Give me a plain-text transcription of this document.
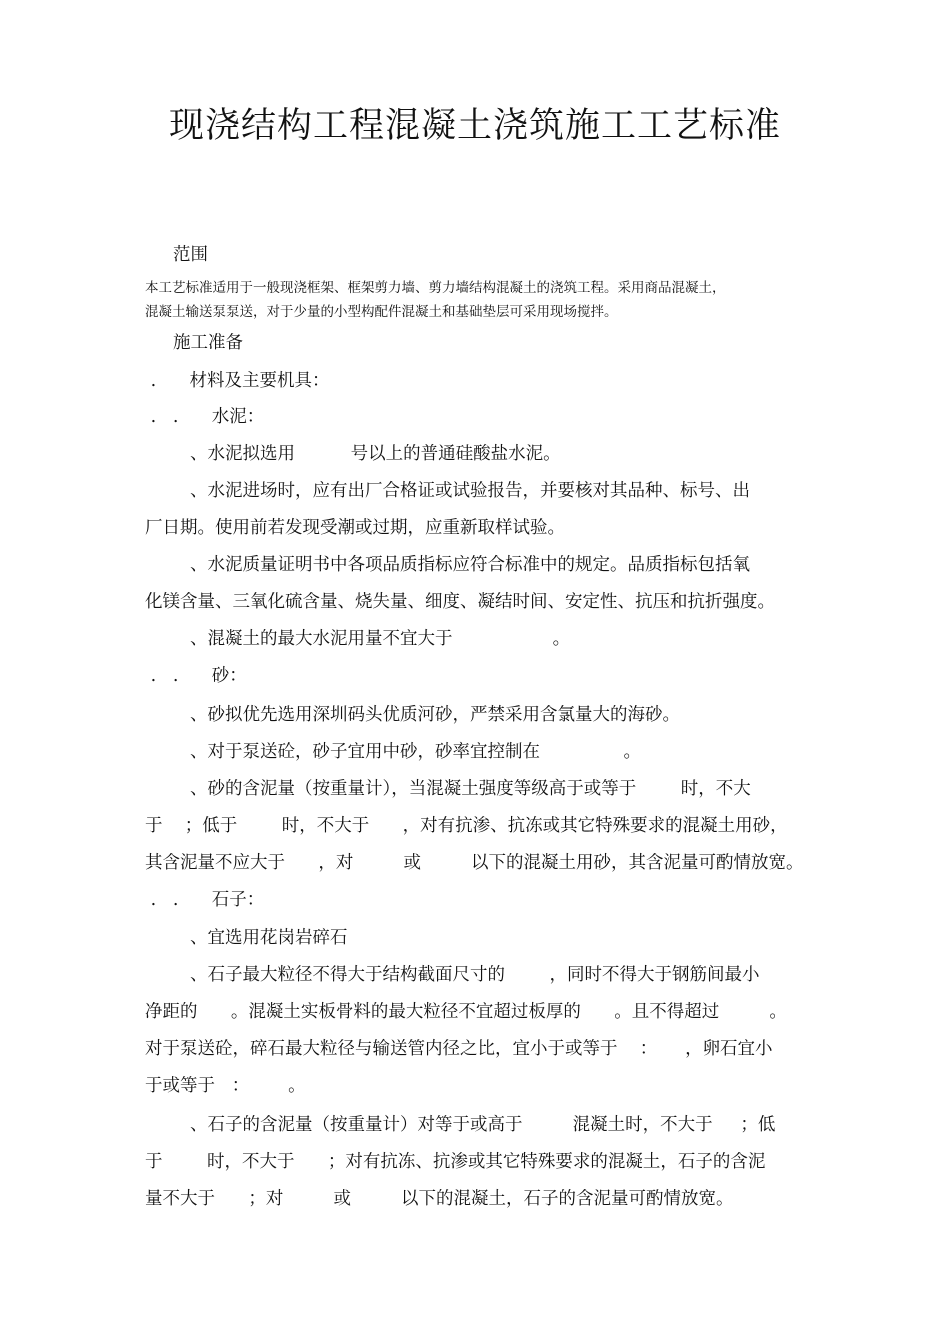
现浇结构工程混凝土浇筑施工工艺标准
范围
本工艺标准适用于一般现浇框架、框架剪力墙、剪力墙结构混凝土的浇筑工程。采用商品混凝土，
混凝土输送泵泵送，对于少量的小型构配件混凝土和基础垫层可采用现场搅拌。
施工准备
.      材料及主要机具：
.   .      水泥：
、水泥拟选用          号以上的普通硅酸盐水泥。
、水泥进场时，应有出厂合格证或试验报告，并要核对其品种、标号、出
厂日期。使用前若发现受潮或过期，应重新取样试验。
、水泥质量证明书中各项品质指标应符合标准中的规定。品质指标包括氧
化镁含量、三氧化硫含量、烧失量、细度、凝结时间、安定性、抗压和抗折强度。
、混凝土的最大水泥用量不宜大于                  。
.   .      砂：
、砂拟优先选用深圳码头优质河砂，严禁采用含氯量大的海砂。
、对于泵送砼，砂子宜用中砂，砂率宜控制在               。
、砂的含泥量（按重量计），当混凝土强度等级高于或等于        时，不大
于    ；低于        时，不大于      ，对有抗渗、抗冻或其它特殊要求的混凝土用砂，
其含泥量不应大于      ，对         或         以下的混凝土用砂，其含泥量可酌情放宽。
.   .      石子：
、宜选用花岗岩碎石
、石子最大粒径不得大于结构截面尺寸的        ，同时不得大于钢筋间最小
净距的      。混凝土实板骨料的最大粒径不宜超过板厚的      。且不得超过         。
对于泵送砼，碎石最大粒径与输送管内径之比，宜小于或等于    ：     ，卵石宜小
于或等于   ：       。
、石子的含泥量（按重量计）对等于或高于         混凝土时，不大于     ；低
于        时，不大于      ；对有抗冻、抗渗或其它特殊要求的混凝土，石子的含泥
量不大于      ；对         或         以下的混凝土，石子的含泥量可酌情放宽。
